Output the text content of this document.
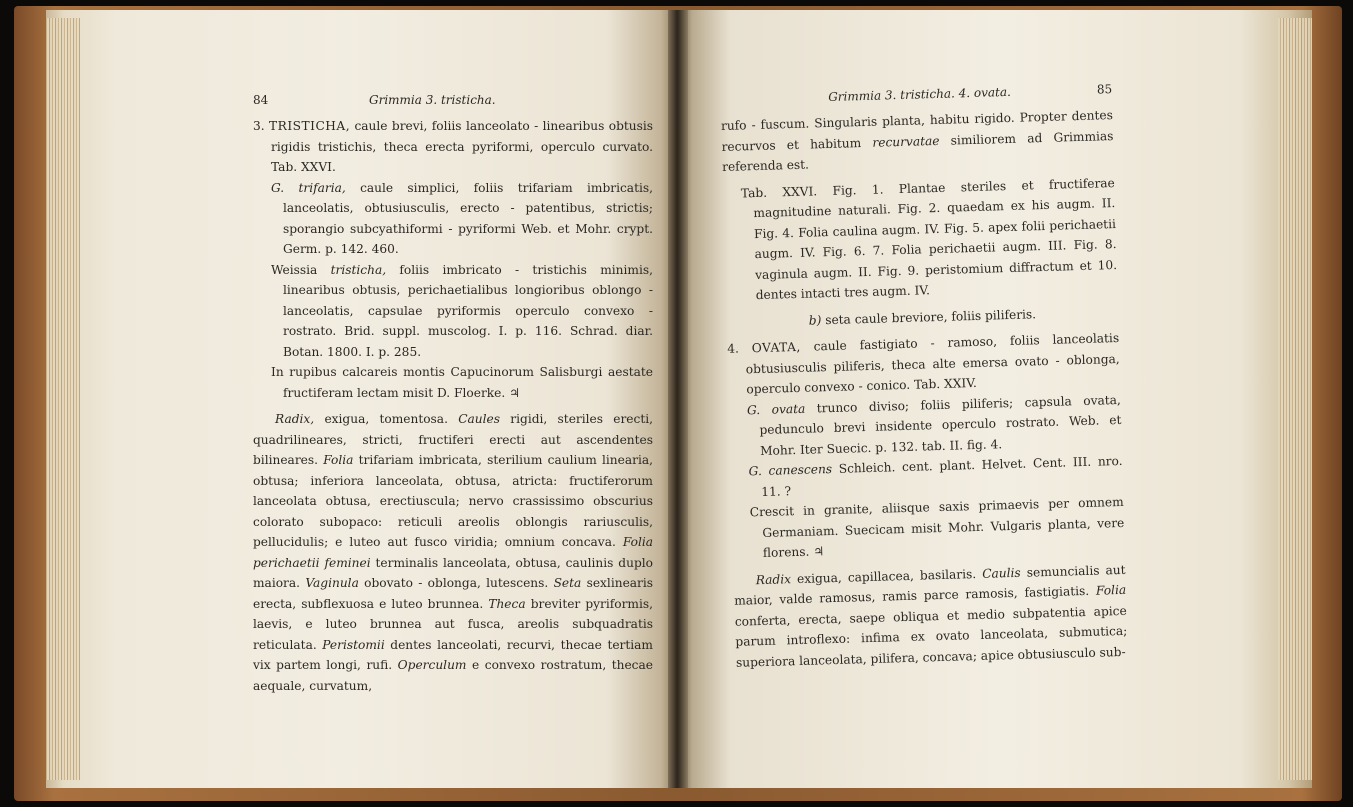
84	Grimmia 3. tristicha.

3. TRISTICHA, caule brevi, foliis lanceolato - linearibus obtusis rigidis tristichis, theca erecta pyriformi, operculo curvato. Tab. XXVI.

G. trifaria, caule simplici, foliis trifariam imbricatis, lanceolatis, obtusiusculis, erecto - patentibus, strictis; sporangio subcyathiformi - pyriformi Web. et Mohr. crypt. Germ. p. 142. 460.

Weissia tristicha, foliis imbricato - tristichis minimis, linearibus obtusis, perichaetialibus longioribus oblongo - lanceolatis, capsulae pyriformis operculo convexo - rostrato. Brid. suppl. muscolog. I. p. 116. Schrad. diar. Botan. 1800. I. p. 285.

In rupibus calcareis montis Capucinorum Salisburgi aestate fructiferam lectam misit D. Floerke. ♃

Radix, exigua, tomentosa. Caules rigidi, steriles erecti, quadrilineares, stricti, fructiferi erecti aut ascendentes bilineares. Folia trifariam imbricata, sterilium caulium linearia, obtusa; inferiora lanceolata, obtusa, atricta: fructiferorum lanceolata obtusa, erectiuscula; nervo crassissimo obscurius colorato subopaco: reticuli areolis oblongis rariusculis, pellucidulis; e luteo aut fusco viridia; omnium concava. Folia perichaetii feminei terminalis lanceolata, obtusa, caulinis duplo maiora. Vaginula obovato - oblonga, lutescens. Seta sexlinearis erecta, subflexuosa e luteo brunnea. Theca breviter pyriformis, laevis, e luteo brunnea aut fusca, areolis subquadratis reticulata. Peristomii dentes lanceolati, recurvi, thecae tertiam vix partem longi, rufi. Operculum e convexo rostratum, thecae aequale, curvatum,

Grimmia 3. tristicha. 4. ovata.	85

rufo - fuscum. Singularis planta, habitu rigido. Propter dentes recurvos et habitum recurvatae similiorem ad Grimmias referenda est.

Tab. XXVI. Fig. 1. Plantae steriles et fructiferae magnitudine naturali. Fig. 2. quaedam ex his augm. II. Fig. 4. Folia caulina augm. IV. Fig. 5. apex folii perichaetii augm. IV. Fig. 6. 7. Folia perichaetii augm. III. Fig. 8. vaginula augm. II. Fig. 9. peristomium diffractum et 10. dentes intacti tres augm. IV.

b) seta caule breviore, foliis piliferis.

4. OVATA, caule fastigiato - ramoso, foliis lanceolatis obtusiusculis piliferis, theca alte emersa ovato - oblonga, operculo convexo - conico. Tab. XXIV.

G. ovata trunco diviso; foliis piliferis; capsula ovata, pedunculo brevi insidente operculo rostrato. Web. et Mohr. Iter Suecic. p. 132. tab. II. fig. 4.

G. canescens Schleich. cent. plant. Helvet. Cent. III. nro. 11. ?

Crescit in granite, aliisque saxis primaevis per omnem Germaniam. Suecicam misit Mohr. Vulgaris planta, vere florens. ♃

Radix exigua, capillacea, basilaris. Caulis semuncialis aut maior, valde ramosus, ramis parce ramosis, fastigiatis. Folia conferta, erecta, saepe obliqua et medio subpatentia apice parum introflexo: infima ex ovato lanceolata, submutica; superiora lanceolata, pilifera, concava; apice obtusiusculo sub-
